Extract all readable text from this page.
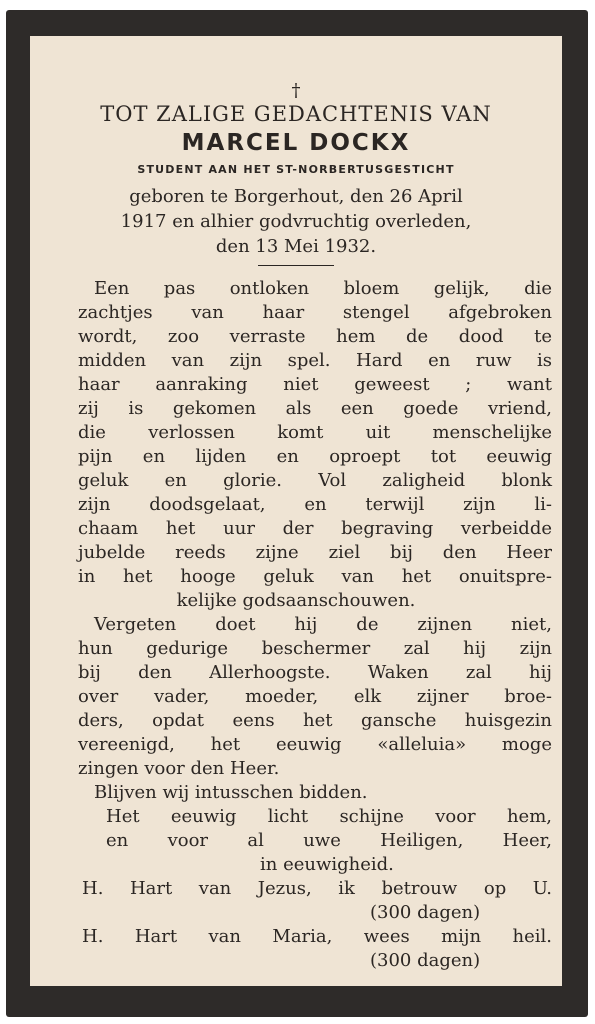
†
TOT ZALIGE GEDACHTENIS VAN
MARCEL DOCKX
STUDENT AAN HET ST-NORBERTUSGESTICHT
geboren te Borgerhout, den 26 April
1917 en alhier godvruchtig overleden,
den 13 Mei 1932.
Een pas ontloken bloem gelijk, die
zachtjes van haar stengel afgebroken
wordt, zoo verraste hem de dood te
midden van zijn spel. Hard en ruw is
haar aanraking niet geweest ; want
zij is gekomen als een goede vriend,
die verlossen komt uit menschelijke
pijn en lijden en oproept tot eeuwig
geluk en glorie. Vol zaligheid blonk
zijn doodsgelaat, en terwijl zijn li-
chaam het uur der begraving verbeidde
jubelde reeds zijne ziel bij den Heer
in het hooge geluk van het onuitspre-
kelijke godsaanschouwen.
Vergeten doet hij de zijnen niet,
hun gedurige beschermer zal hij zijn
bij den Allerhoogste. Waken zal hij
over vader, moeder, elk zijner broe-
ders, opdat eens het gansche huisgezin
vereenigd, het eeuwig «alleluia» moge
zingen voor den Heer.
Blijven wij intusschen bidden.
Het eeuwig licht schijne voor hem,
en voor al uwe Heiligen, Heer,
in eeuwigheid.
H. Hart van Jezus, ik betrouw op U.
(300 dagen)
H. Hart van Maria, wees mijn heil.
(300 dagen)
